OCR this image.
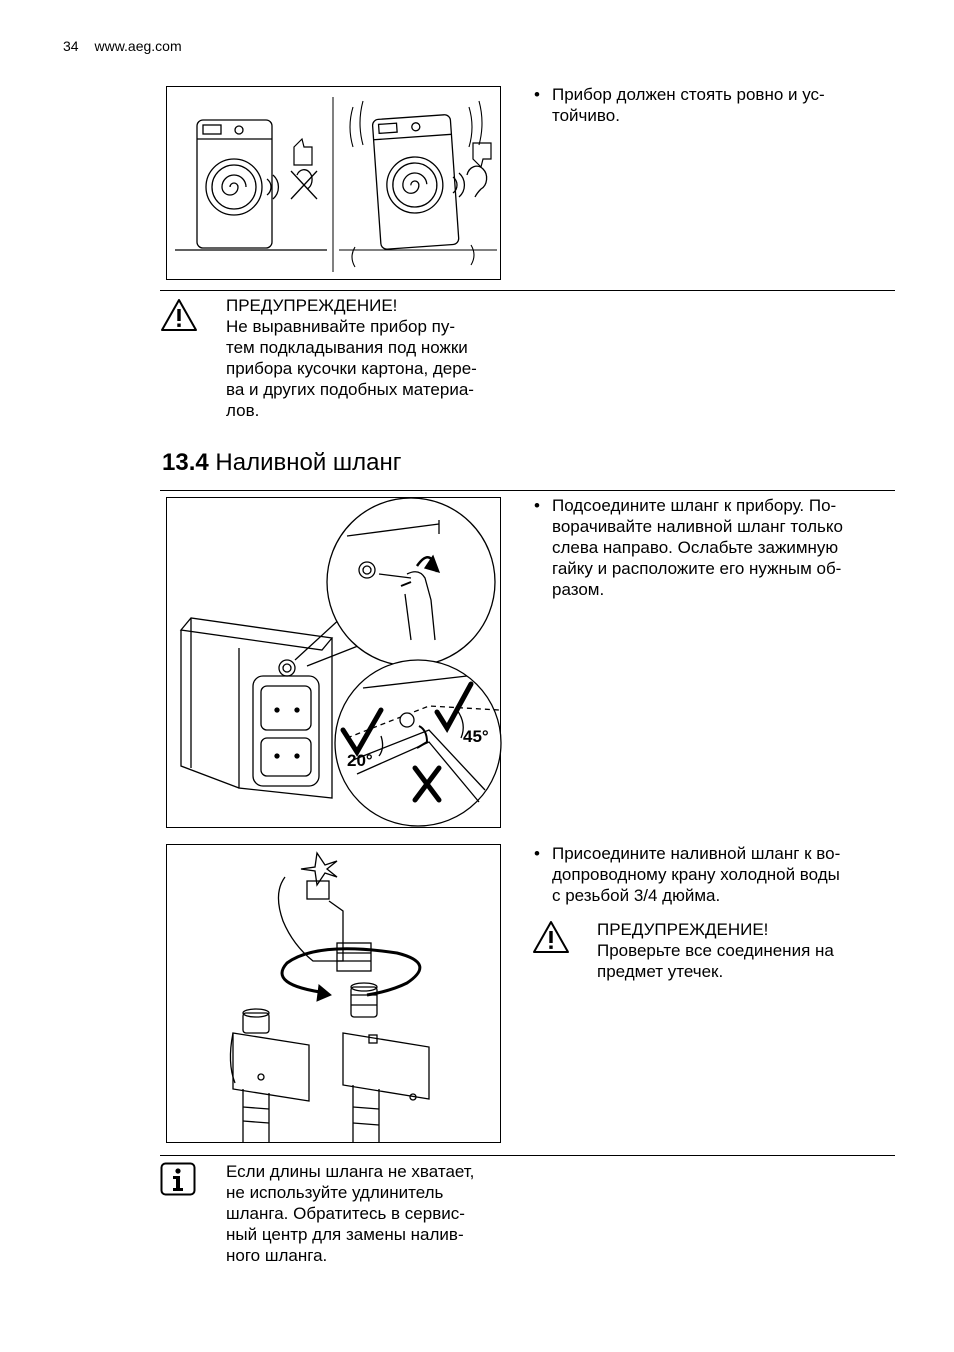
34 www.aeg.com
• Прибор должен стоять ровно и ус-
тойчиво.
ПРЕДУПРЕЖДЕНИЕ!
Не выравнивайте прибор пу-
тем подкладывания под ножки
прибора кусочки картона, дере-
ва и других подобных материа-
лов.
13.4 Наливной шланг
20°
45°
• Подсоедините шланг к прибору. По-
ворачивайте наливной шланг только
слева направо. Ослабьте зажимную
гайку и расположите его нужным об-
разом.
• Присоедините наливной шланг к во-
допроводному крану холодной воды
с резьбой 3/4 дюйма.
ПРЕДУПРЕЖДЕНИЕ!
Проверьте все соединения на
предмет утечек.
Если длины шланга не хватает,
не используйте удлинитель
шланга. Обратитесь в сервис-
ный центр для замены налив-
ного шланга.
